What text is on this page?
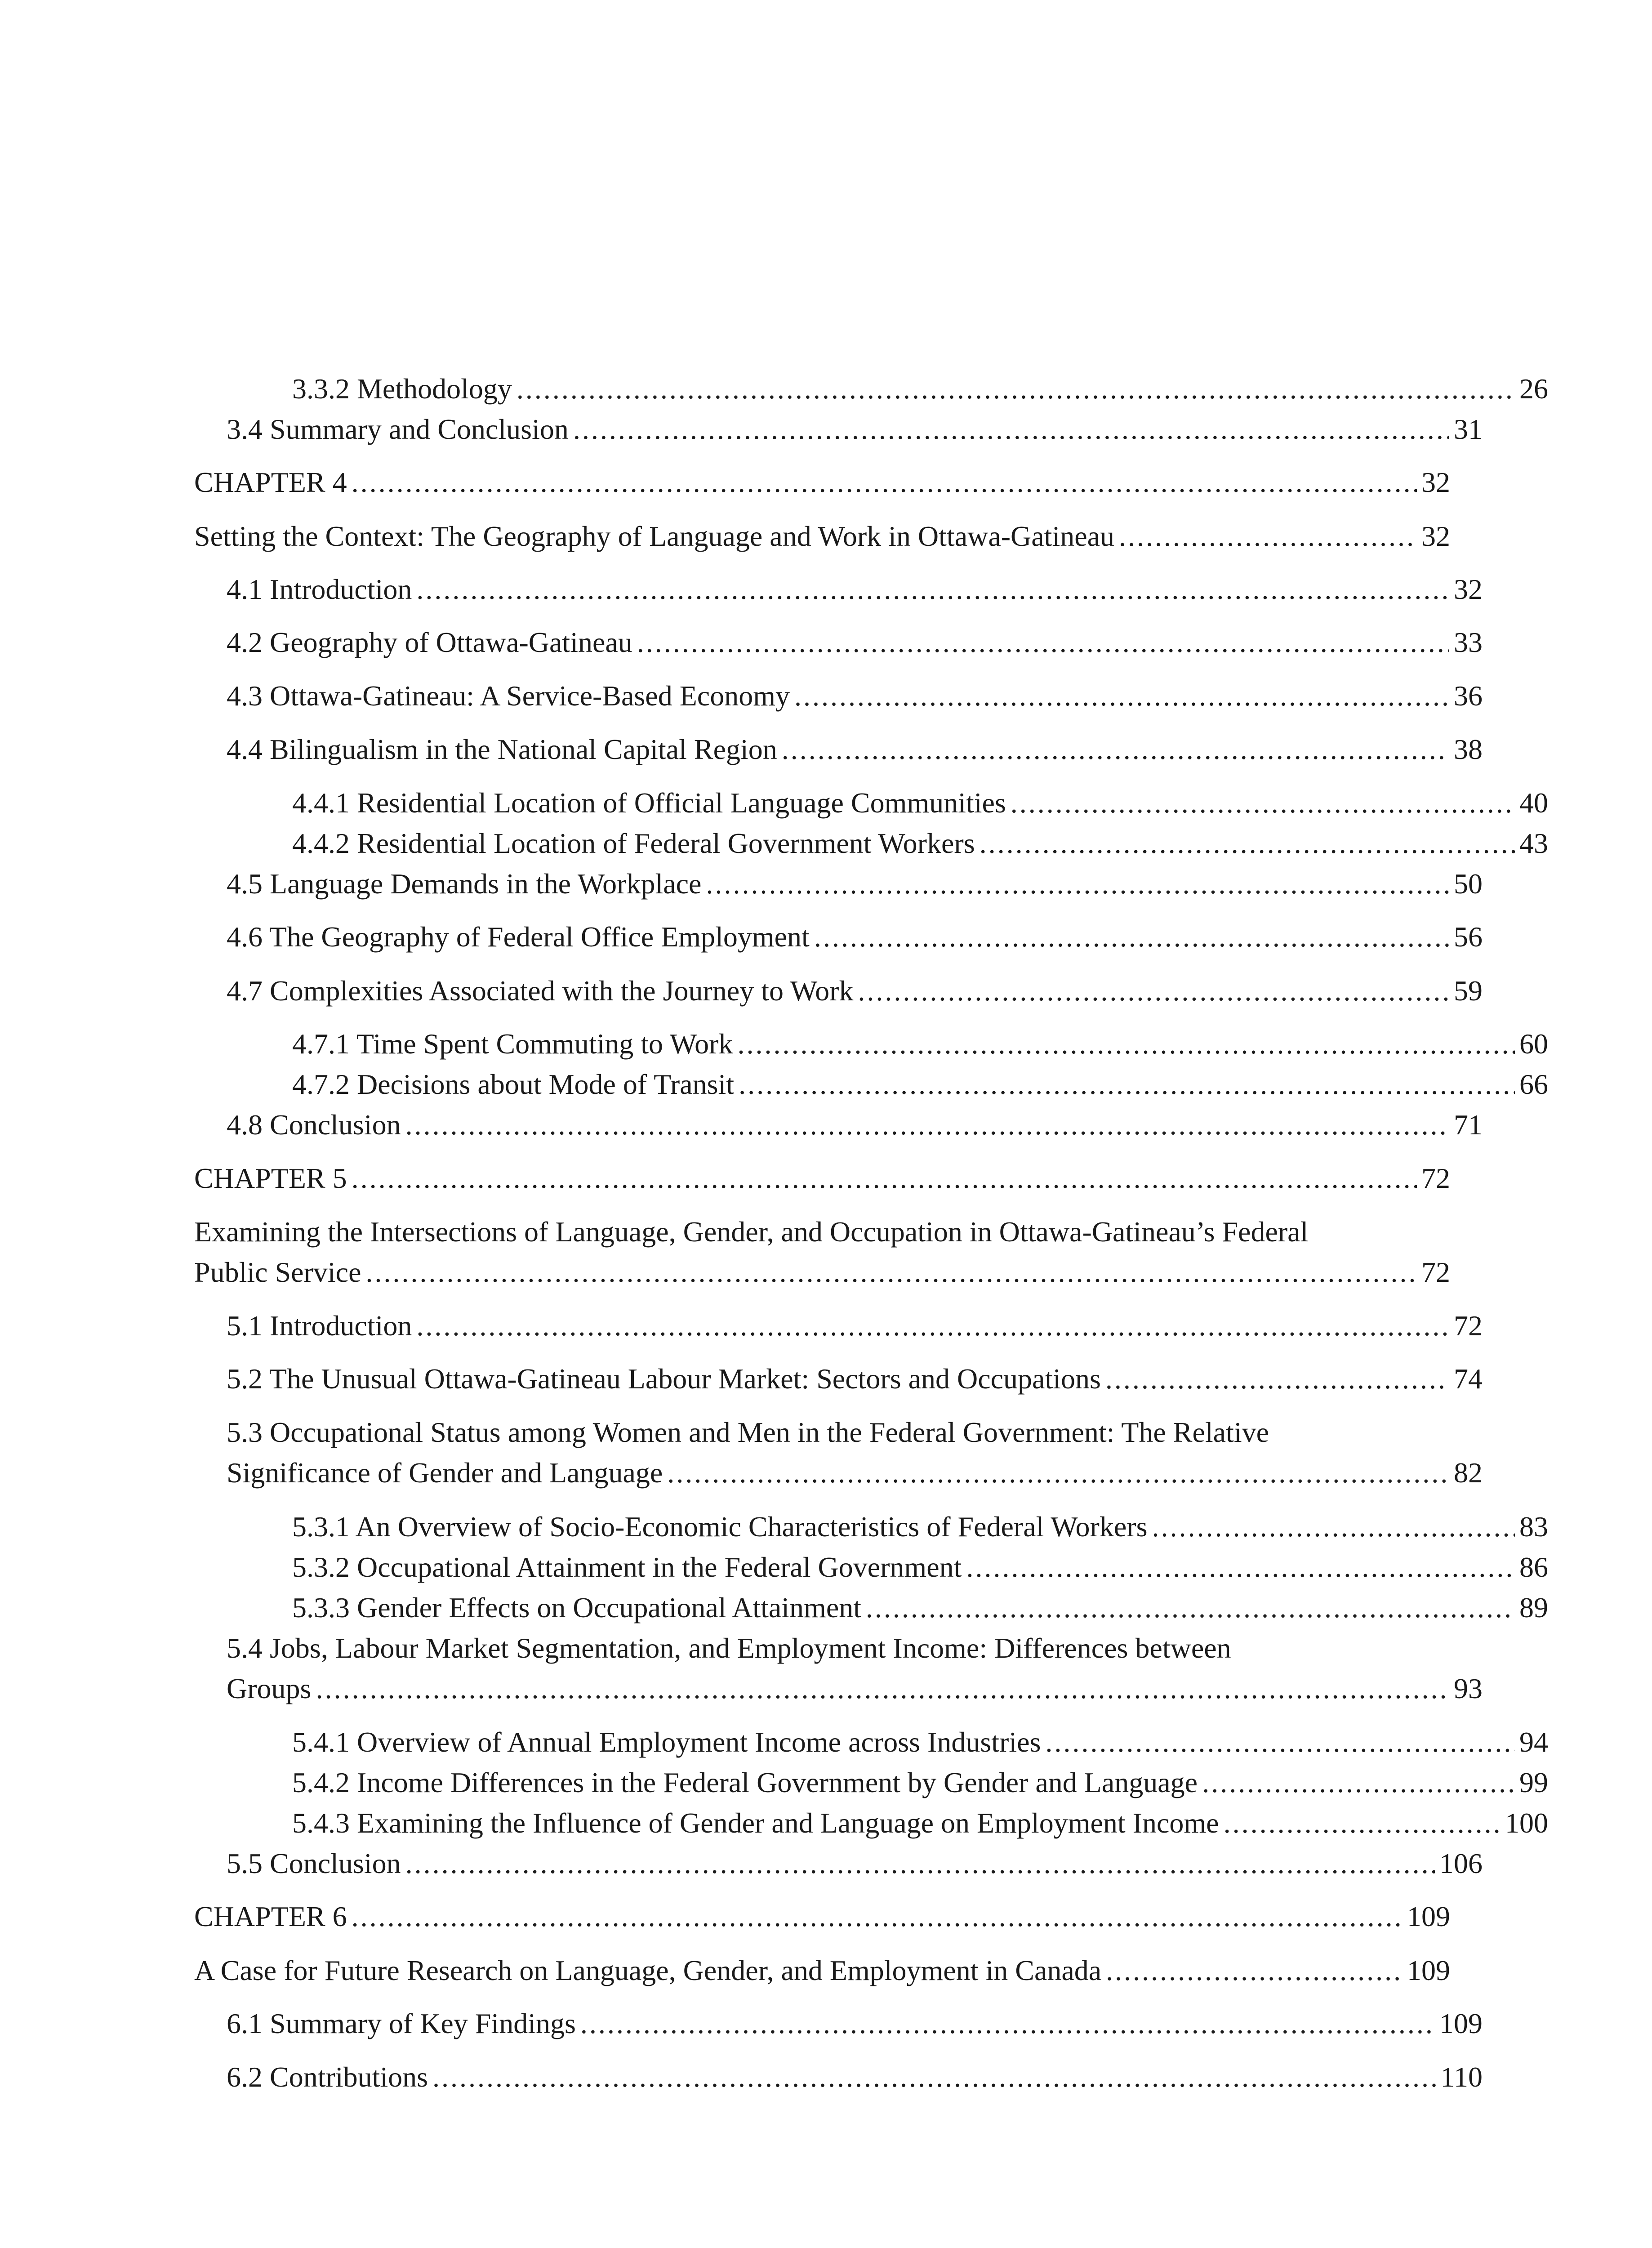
3.3.2 Methodology .....	26
3.4 Summary and Conclusion .....	31
CHAPTER 4 .....	32
Setting the Context: The Geography of Language and Work in Ottawa-Gatineau .....	32
4.1 Introduction .....	32
4.2 Geography of Ottawa-Gatineau .....	33
4.3 Ottawa-Gatineau: A Service-Based Economy .....	36
4.4 Bilingualism in the National Capital Region .....	38
4.4.1 Residential Location of Official Language Communities .....	40
4.4.2 Residential Location of Federal Government Workers .....	43
4.5 Language Demands in the Workplace .....	50
4.6 The Geography of Federal Office Employment .....	56
4.7 Complexities Associated with the Journey to Work .....	59
4.7.1 Time Spent Commuting to Work .....	60
4.7.2 Decisions about Mode of Transit .....	66
4.8 Conclusion .....	71
CHAPTER 5 .....	72
Examining the Intersections of Language, Gender, and Occupation in Ottawa-Gatineau’s Federal
Public Service .....	72
5.1 Introduction .....	72
5.2 The Unusual Ottawa-Gatineau Labour Market: Sectors and Occupations .....	74
5.3 Occupational Status among Women and Men in the Federal Government: The Relative
Significance of Gender and Language .....	82
5.3.1 An Overview of Socio-Economic Characteristics of Federal Workers .....	83
5.3.2 Occupational Attainment in the Federal Government .....	86
5.3.3 Gender Effects on Occupational Attainment .....	89
5.4 Jobs, Labour Market Segmentation, and Employment Income: Differences between
Groups .....	93
5.4.1 Overview of Annual Employment Income across Industries .....	94
5.4.2 Income Differences in the Federal Government by Gender and Language .....	99
5.4.3 Examining the Influence of Gender and Language on Employment Income .....	100
5.5 Conclusion .....	106
CHAPTER 6 .....	109
A Case for Future Research on Language, Gender, and Employment in Canada .....	109
6.1 Summary of Key Findings .....	109
6.2 Contributions .....	110
